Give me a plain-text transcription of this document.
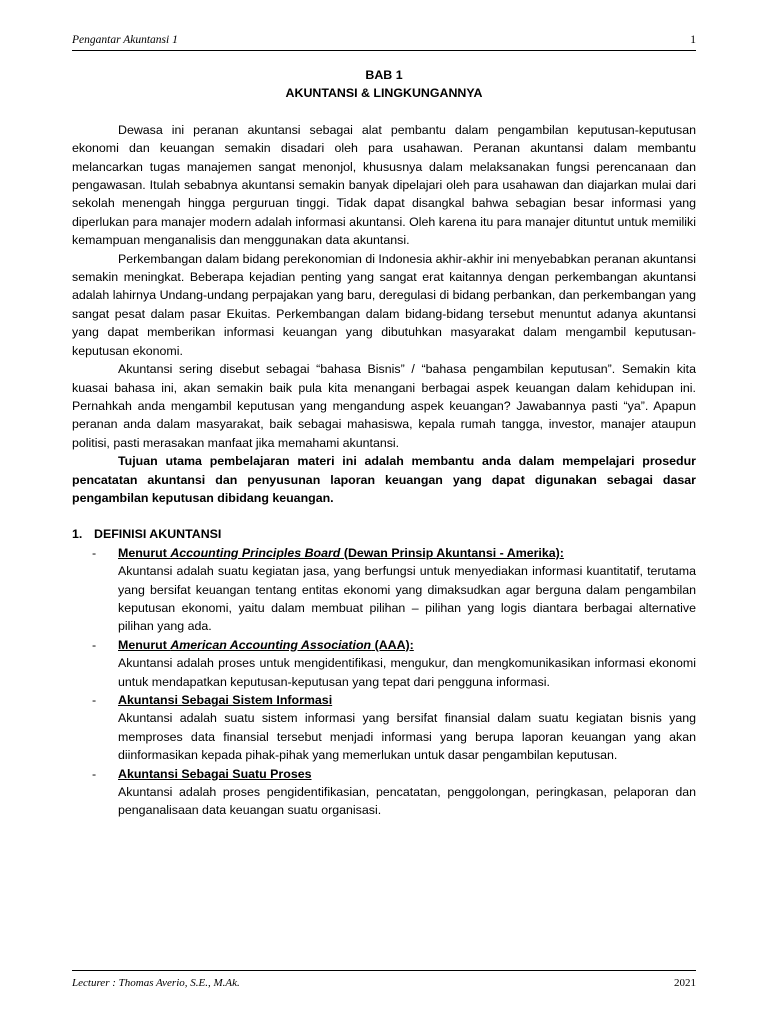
Pengantar Akuntansi 1	1
BAB 1
AKUNTANSI & LINGKUNGANNYA

Dewasa ini peranan akuntansi sebagai alat pembantu dalam pengambilan keputusan-keputusan ekonomi dan keuangan semakin disadari oleh para usahawan. Peranan akuntansi dalam membantu melancarkan tugas manajemen sangat menonjol, khususnya dalam melaksanakan fungsi perencanaan dan pengawasan. Itulah sebabnya akuntansi semakin banyak dipelajari oleh para usahawan dan diajarkan mulai dari sekolah menengah hingga perguruan tinggi. Tidak dapat disangkal bahwa sebagian besar informasi yang diperlukan para manajer modern adalah informasi akuntansi. Oleh karena itu para manajer dituntut untuk memiliki kemampuan menganalisis dan menggunakan data akuntansi.

Perkembangan dalam bidang perekonomian di Indonesia akhir-akhir ini menyebabkan peranan akuntansi semakin meningkat. Beberapa kejadian penting yang sangat erat kaitannya dengan perkembangan akuntansi adalah lahirnya Undang-undang perpajakan yang baru, deregulasi di bidang perbankan, dan perkembangan yang sangat pesat dalam pasar Ekuitas. Perkembangan dalam bidang-bidang tersebut menuntut adanya akuntansi yang dapat memberikan informasi keuangan yang dibutuhkan masyarakat dalam mengambil keputusan-keputusan ekonomi.

Akuntansi sering disebut sebagai “bahasa Bisnis” / “bahasa pengambilan keputusan”. Semakin kita kuasai bahasa ini, akan semakin baik pula kita menangani berbagai aspek keuangan dalam kehidupan ini. Pernahkah anda mengambil keputusan yang mengandung aspek keuangan? Jawabannya pasti “ya”. Apapun peranan anda dalam masyarakat, baik sebagai mahasiswa, kepala rumah tangga, investor, manajer ataupun politisi, pasti merasakan manfaat jika memahami akuntansi.

Tujuan utama pembelajaran materi ini adalah membantu anda dalam mempelajari prosedur pencatatan akuntansi dan penyusunan laporan keuangan yang dapat digunakan sebagai dasar pengambilan keputusan dibidang keuangan.

1. DEFINISI AKUNTANSI
- Menurut Accounting Principles Board (Dewan Prinsip Akuntansi - Amerika):
Akuntansi adalah suatu kegiatan jasa, yang berfungsi untuk menyediakan informasi kuantitatif, terutama yang bersifat keuangan tentang entitas ekonomi yang dimaksudkan agar berguna dalam pengambilan keputusan ekonomi, yaitu dalam membuat pilihan – pilihan yang logis diantara berbagai alternative pilihan yang ada.
- Menurut American Accounting Association (AAA):
Akuntansi adalah proses untuk mengidentifikasi, mengukur, dan mengkomunikasikan informasi ekonomi untuk mendapatkan keputusan-keputusan yang tepat dari pengguna informasi.
- Akuntansi Sebagai Sistem Informasi
Akuntansi adalah suatu sistem informasi yang bersifat finansial dalam suatu kegiatan bisnis yang memproses data finansial tersebut menjadi informasi yang berupa laporan keuangan yang akan diinformasikan kepada pihak-pihak yang memerlukan untuk dasar pengambilan keputusan.
- Akuntansi Sebagai Suatu Proses
Akuntansi adalah proses pengidentifikasian, pencatatan, penggolongan, peringkasan, pelaporan dan penganalisaan data keuangan suatu organisasi.
Lecturer : Thomas Averio, S.E., M.Ak.	2021
